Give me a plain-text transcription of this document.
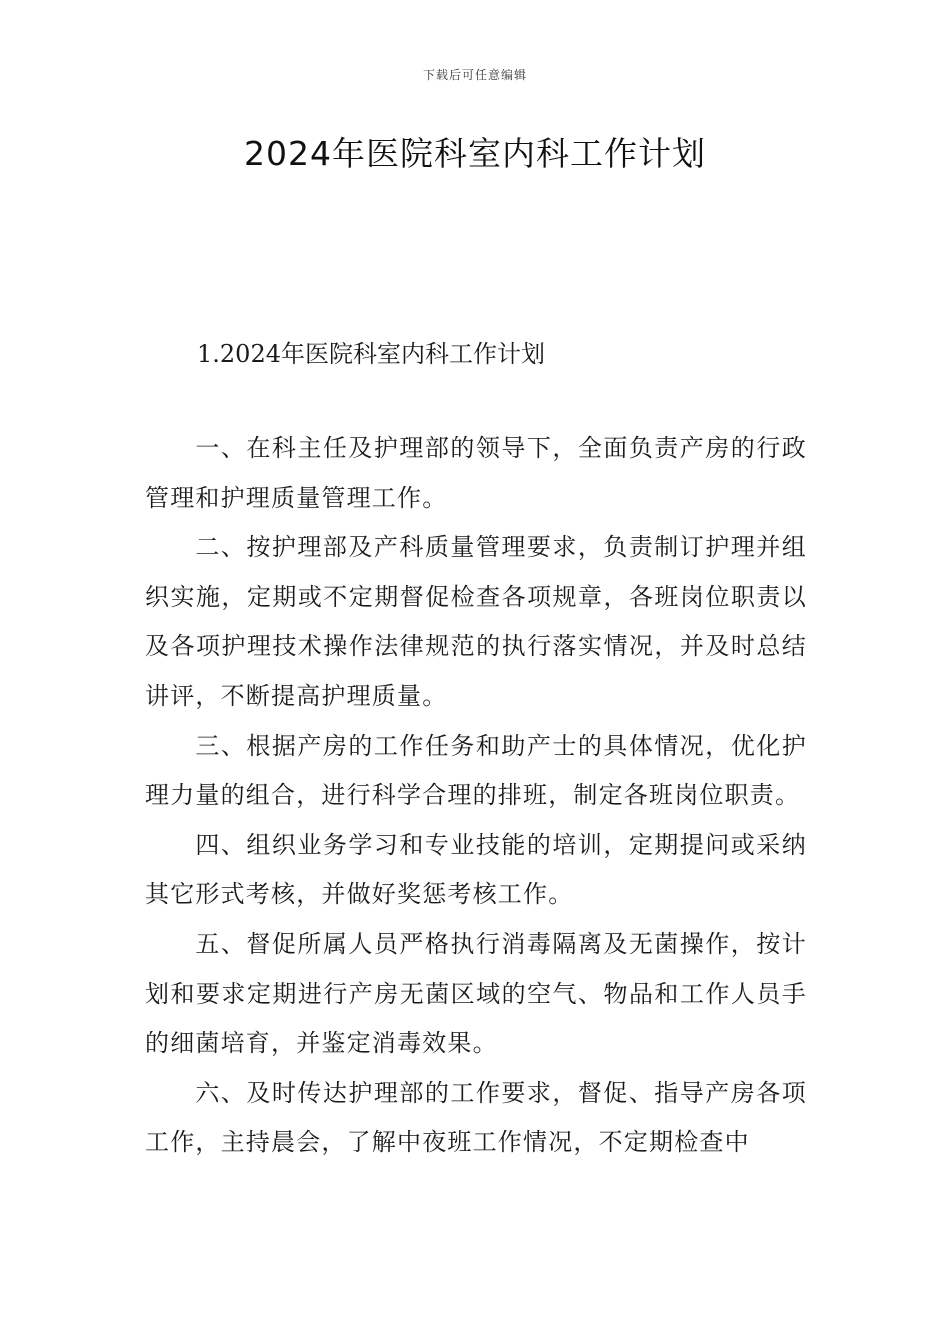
下载后可任意编辑
2024年医院科室内科工作计划

1.2024年医院科室内科工作计划

一、在科主任及护理部的领导下，全面负责产房的行政管理和护理质量管理工作。

二、按护理部及产科质量管理要求，负责制订护理并组织实施，定期或不定期督促检查各项规章，各班岗位职责以及各项护理技术操作法律规范的执行落实情况，并及时总结讲评，不断提高护理质量。

三、根据产房的工作任务和助产士的具体情况，优化护理力量的组合，进行科学合理的排班，制定各班岗位职责。

四、组织业务学习和专业技能的培训，定期提问或采纳其它形式考核，并做好奖惩考核工作。

五、督促所属人员严格执行消毒隔离及无菌操作，按计划和要求定期进行产房无菌区域的空气、物品和工作人员手的细菌培育，并鉴定消毒效果。

六、及时传达护理部的工作要求，督促、指导产房各项工作，主持晨会，了解中夜班工作情况，不定期检查中
